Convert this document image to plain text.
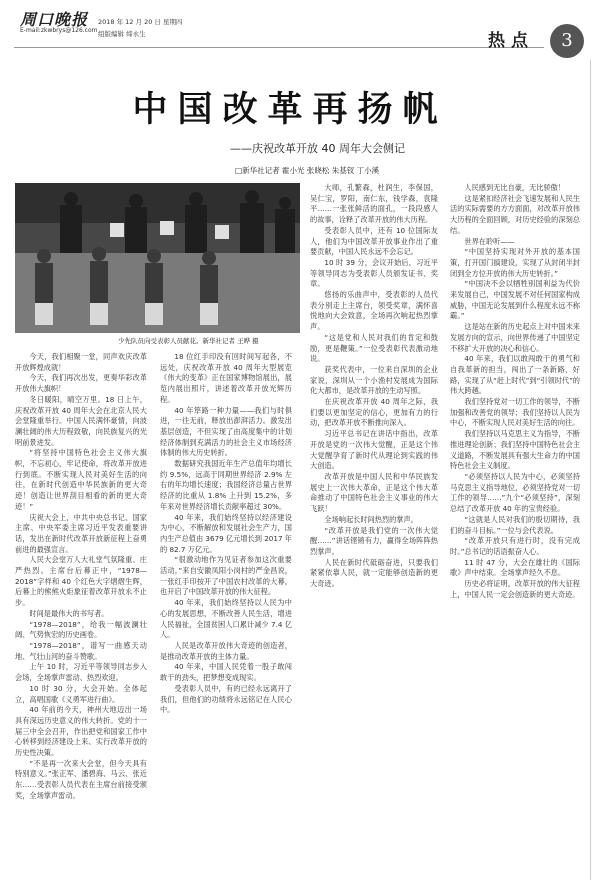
周口晚报
E-mail:zkwbrys@126.com
2018 年 12 月 20 日 星期四
组版编辑 缔永生	热点	3
中国改革再扬帆
——庆祝改革开放 40 周年大会侧记
□新华社记者 霍小光 张晓松 朱基钗 丁小溪
少先队员向受表彰人员献花。新华社记者 王晔 摄

今天，我们相聚一堂，同声欢庆改革开放辉煌成就！

今天，我们再次出发，更奏华彩改革开放伟大旗帜！

冬日暖阳，晴空万里。18 日上午，庆祝改革开放 40 周年大会在北京人民大会堂隆重举行。中国人民满怀豪情，向波澜壮阔的伟大历程致敬，向民族复兴的光明前景进发。

“将坚持中国特色社会主义伟大旗帜，不忘初心，牢记使命，将改革开放进行到底。不断实现人民对美好生活的向往，在新时代创造中华民族新的更大奇迹！创造让世界刮目相看的新的更大奇迹！”

庆祝大会上，中共中央总书记、国家主席、中央军委主席习近平发表重要讲话，发出在新时代改革开放新征程上奋勇前进的最强宣言。

人民大会堂万人大礼堂气氛隆重、庄严热烈。主席台后幕正中，“1978—2018”字样和 40 个红色大字熠熠生辉，后幕上的熊熊火炬象征着改革开放永不止步。

时间是最伟大的书写者。

“1978—2018”，给我一幅波澜壮阔、气势恢宏的历史画卷。

“1978—2018”，谱写一曲感天动地、气壮山河的奋斗赞歌。

上午 10 时，习近平等领导同志步入会场，全场掌声雷动、热烈欢迎。

10 时 30 分，大会开始。全体起立，高唱国歌《义勇军进行曲》。

40 年前的今天，神州大地迈出一场具有深远历史意义的伟大转折。党的十一届三中全会召开，作出把党和国家工作中心转移到经济建设上来、实行改革开放的历史性决策。

“不是再一次来大会堂，但今天具有特别意义。”张正军、潘碧海、马云、张近东……受表彰人员代表在主席台前接受颁奖，全场掌声雷动。

18 位红手印没有回时间写起各，不远处，庆祝改革开放 40 周年大型展览《伟大的变革》正在国家博物馆展出，展览内展出照片，讲述着改革开放光辉历程。

40 年筚路一种力量——我们与时俱进，一往无前，释放出澎湃活力。激发出基层创造，不但实现了由高度集中的计划经济体制到充满活力的社会主义市场经济体制的伟大历史转折。

数据研究我国近年生产总值年均增长约 9.5%，远高于同期世界经济 2.9% 左右的年均增长速度；我国经济总量占世界经济的比重从 1.8% 上升到 15.2%，多年来对世界经济增长贡献率超过 30%。

40 年来，我们始终坚持以经济建设为中心，不断解放和发展社会生产力，国内生产总值由 3679 亿元增长到 2017 年的 82.7 万亿元。

“很激动地作为见证者参加这次重要活动。”来自安徽凤阳小岗村的严金昌说，一张红手印按开了中国农村改革的大幕，也开启了中国改革开放的伟大征程。

40 年来，我们始终坚持以人民为中心的发展思想，不断改善人民生活，增进人民福祉，全国贫困人口累计减少 7.4 亿人。

人民是改革开放伟大奇迹的创造者，是推动改革开放的主体力量。

40 年来，中国人民凭着一股子敢闯敢干的劲头，把梦想变成现实。

受表彰人员中，有的已经永远离开了我们，但他们的功绩将永远铭记在人民心中。

大师，孔繁森，杜润生，李保国，吴仁宝，罗阳，南仁东，钱学森，袁隆平……一张张鲜活的面孔，一段段感人的故事，诠释了改革开放的伟大历程。

受表彰人员中，还有 10 位国际友人，他们为中国改革开放事业作出了重要贡献，中国人民永远不会忘记。

10 时 39 分，会议开始后，习近平等领导同志为受表彰人员颁发证书、奖章。

悠扬的乐曲声中，受表彰的人员代表分别走上主席台，领受奖章，满怀喜悦地向大会致意，全场再次响起热烈掌声。

“这是党和人民对我们的肯定和鼓励，更是鞭策。”一位受表彰代表激动地说。

获奖代表中，一位来自深圳的企业家说，深圳从一个小渔村发展成为国际化大都市，是改革开放的生动写照。

在庆祝改革开放 40 周年之际，我们要以更加坚定的信心，更加有力的行动，把改革开放不断推向深入。

习近平总书记在讲话中指出，改革开放是党的一次伟大觉醒，正是这个伟大觉醒孕育了新时代从理论到实践的伟大创造。

改革开放是中国人民和中华民族发展史上一次伟大革命，正是这个伟大革命推动了中国特色社会主义事业的伟大飞跃！

全场响起长时间热烈的掌声。

“改革开放是我们党的一次伟大觉醒……”讲话铿锵有力，赢得全场阵阵热烈掌声。

人民在新时代砥砺奋进，只要我们紧紧依靠人民，就一定能够创造新的更大奇迹。

人民感到无比自豪，无比骄傲！

这是紧扣经济社会飞速发展和人民生活的实际需要的方方面面，对改革开放伟大历程的全面回顾，对历史经验的深刻总结。

世界在聆听——

“中国坚持实现对外开放的基本国策，打开国门搞建设，实现了从封闭半封闭到全方位开放的伟大历史转折。”

“中国决不会以牺牲别国利益为代价来发展自己，中国发展不对任何国家构成威胁，中国无论发展到什么程度永远不称霸。”

这是站在新的历史起点上对中国未来发展方向的宣示，向世界传递了中国坚定不移扩大开放的决心和信心。

40 年来，我们以敢闯敢干的勇气和自我革新的担当，闯出了一条新路，好路，实现了从“赶上时代”到“引领时代”的伟大跨越。

我们坚持党对一切工作的领导，不断加强和改善党的领导；我们坚持以人民为中心，不断实现人民对美好生活的向往。

我们坚持以马克思主义为指导，不断推进理论创新；我们坚持中国特色社会主义道路，不断发展具有强大生命力的中国特色社会主义制度。

“必须坚持以人民为中心，必须坚持马克思主义指导地位，必须坚持党对一切工作的领导……”九个“必须坚持”，深刻总结了改革开放 40 年的宝贵经验。

“这就是人民对我们的殷切期待，我们的奋斗目标。”一位与会代表说。

“改革开放只有进行时，没有完成时。”总书记的话语振奋人心。

11 时 47 分，大会在雄壮的《国际歌》声中结束。全场掌声经久不息。

历史必将证明，改革开放的伟大征程上，中国人民一定会创造新的更大奇迹。
